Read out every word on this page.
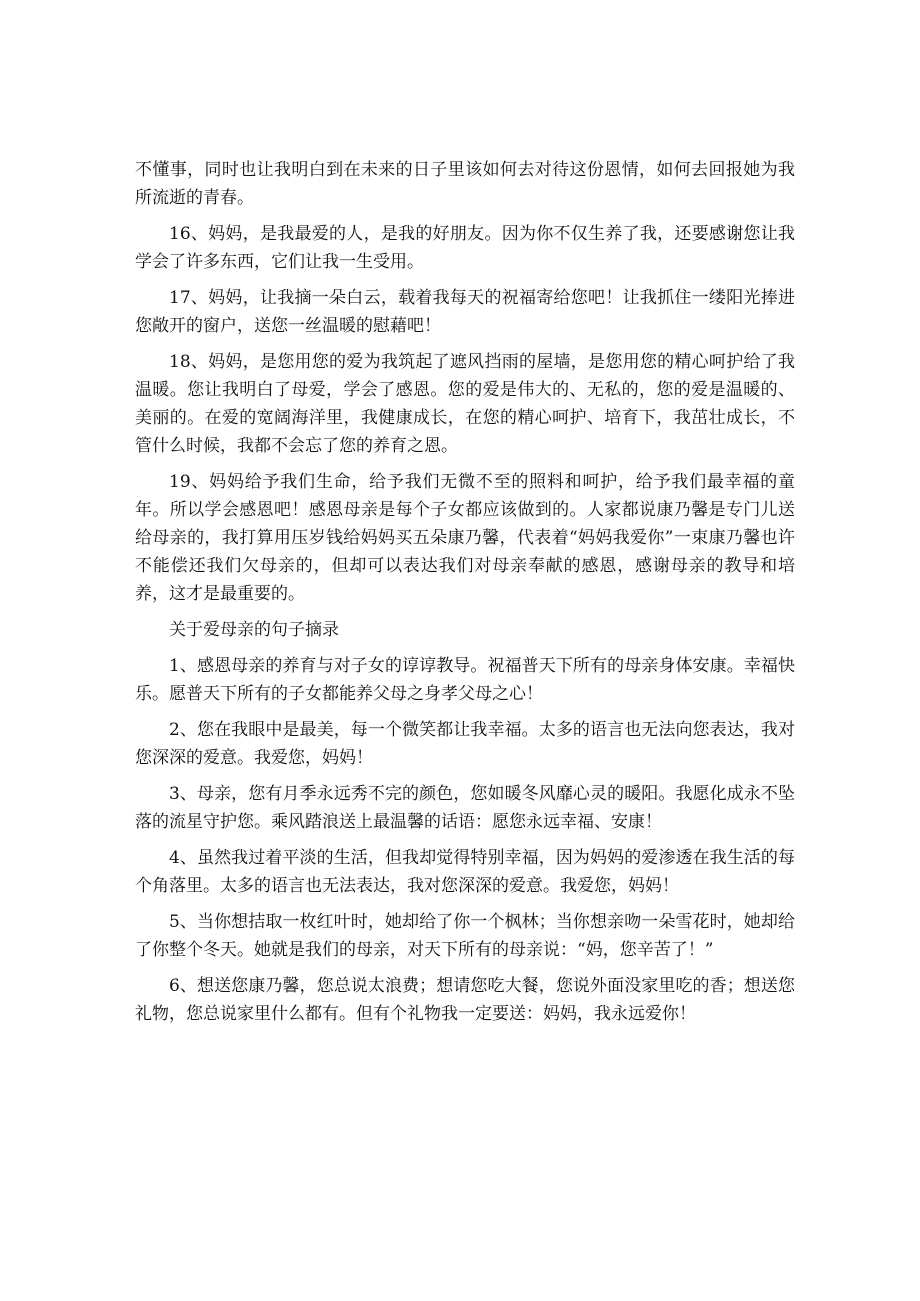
不懂事，同时也让我明白到在未来的日子里该如何去对待这份恩情，如何去回报她为我所流逝的青春。

16、妈妈，是我最爱的人，是我的好朋友。因为你不仅生养了我，还要感谢您让我学会了许多东西，它们让我一生受用。

17、妈妈，让我摘一朵白云，载着我每天的祝福寄给您吧！让我抓住一缕阳光捧进您敞开的窗户，送您一丝温暖的慰藉吧！

18、妈妈，是您用您的爱为我筑起了遮风挡雨的屋墙，是您用您的精心呵护给了我温暖。您让我明白了母爱，学会了感恩。您的爱是伟大的、无私的，您的爱是温暖的、美丽的。在爱的宽阔海洋里，我健康成长，在您的精心呵护、培育下，我茁壮成长，不管什么时候，我都不会忘了您的养育之恩。

19、妈妈给予我们生命，给予我们无微不至的照料和呵护，给予我们最幸福的童年。所以学会感恩吧！感恩母亲是每个子女都应该做到的。人家都说康乃馨是专门儿送给母亲的，我打算用压岁钱给妈妈买五朵康乃馨，代表着“妈妈我爱你”一束康乃馨也许不能偿还我们欠母亲的，但却可以表达我们对母亲奉献的感恩，感谢母亲的教导和培养，这才是最重要的。

关于爱母亲的句子摘录

1、感恩母亲的养育与对子女的谆谆教导。祝福普天下所有的母亲身体安康。幸福快乐。愿普天下所有的子女都能养父母之身孝父母之心！

2、您在我眼中是最美，每一个微笑都让我幸福。太多的语言也无法向您表达，我对您深深的爱意。我爱您，妈妈！

3、母亲，您有月季永远秀不完的颜色，您如暖冬风靡心灵的暖阳。我愿化成永不坠落的流星守护您。乘风踏浪送上最温馨的话语：愿您永远幸福、安康！

4、虽然我过着平淡的生活，但我却觉得特别幸福，因为妈妈的爱渗透在我生活的每个角落里。太多的语言也无法表达，我对您深深的爱意。我爱您，妈妈！

5、当你想拮取一枚红叶时，她却给了你一个枫林；当你想亲吻一朵雪花时，她却给了你整个冬天。她就是我们的母亲，对天下所有的母亲说：“妈，您辛苦了！”

6、想送您康乃馨，您总说太浪费；想请您吃大餐，您说外面没家里吃的香；想送您礼物，您总说家里什么都有。但有个礼物我一定要送：妈妈，我永远爱你！
